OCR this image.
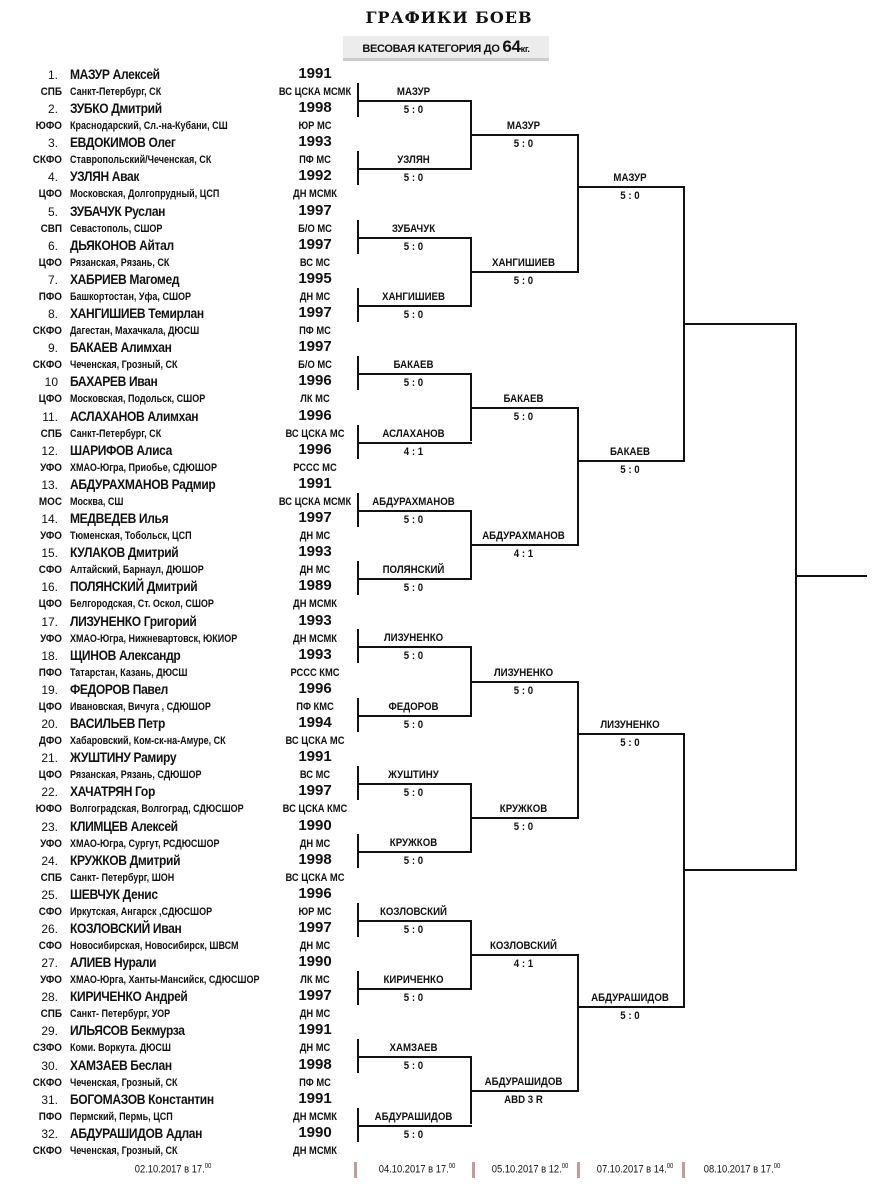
ГРАФИКИ БОЕВ
ВЕСОВАЯ КАТЕГОРИЯ ДО 64кг.
1. МАЗУР Алексей	1991
СПБ Санкт-Петербург, СК	ВС ЦСКА МСМК
2. ЗУБКО Дмитрий	1998
ЮФО Краснодарский, Сл.-на-Кубани, СШ	ЮР МС
3. ЕВДОКИМОВ Олег	1993
СКФО Ставропольский/Чеченская, СК	ПФ МС
4. УЗЛЯН Авак	1992
ЦФО Московская, Долгопрудный, ЦСП	ДН МСМК
5. ЗУБАЧУК Руслан	1997
СВП Севастополь, СШОР	Б/О МС
6. ДЬЯКОНОВ Айтал	1997
ЦФО Рязанская, Рязань, СК	ВС МС
7. ХАБРИЕВ Магомед	1995
ПФО Башкортостан, Уфа, СШОР	ДН МС
8. ХАНГИШИЕВ Темирлан	1997
СКФО Дагестан, Махачкала, ДЮСШ	ПФ МС
9. БАКАЕВ Алимхан	1997
СКФО Чеченская, Грозный, СК	Б/О МС
10 БАХАРЕВ Иван	1996
ЦФО Московская, Подольск, СШОР	ЛК МС
11. АСЛАХАНОВ Алимхан	1996
СПБ Санкт-Петербург, СК	ВС ЦСКА МС
12. ШАРИФОВ Алиса	1996
УФО ХМАО-Югра, Приобье, СДЮШОР	РССС МС
13. АБДУРАХМАНОВ Радмир	1991
МОС Москва, СШ	ВС ЦСКА МСМК
14. МЕДВЕДЕВ Илья	1997
УФО Тюменская, Тобольск, ЦСП	ДН МС
15. КУЛАКОВ Дмитрий	1993
СФО Алтайский, Барнаул, ДЮШОР	ДН МС
16. ПОЛЯНСКИЙ Дмитрий	1989
ЦФО Белгородская, Ст. Оскол, СШОР	ДН МСМК
17. ЛИЗУНЕНКО Григорий	1993
УФО ХМАО-Югра, Нижневартовск, ЮКИОР	ДН МСМК
18. ЩИНОВ Александр	1993
ПФО Татарстан, Казань, ДЮСШ	РССС КМС
19. ФЕДОРОВ Павел	1996
ЦФО Ивановская, Вичуга , СДЮШОР	ПФ КМС
20. ВАСИЛЬЕВ Петр	1994
ДФО Хабаровский, Ком-ск-на-Амуре, СК	ВС ЦСКА МС
21. ЖУШТИНУ Рамиру	1991
ЦФО Рязанская, Рязань, СДЮШОР	ВС МС
22. ХАЧАТРЯН Гор	1997
ЮФО Волгоградская, Волгоград, СДЮСШОР	ВС ЦСКА КМС
23. КЛИМЦЕВ Алексей	1990
УФО ХМАО-Югра, Сургут, РСДЮСШОР	ДН МС
24. КРУЖКОВ Дмитрий	1998
СПБ Санкт- Петербург, ШОН	ВС ЦСКА МС
25. ШЕВЧУК Денис	1996
СФО Иркутская, Ангарск ,СДЮСШОР	ЮР МС
26. КОЗЛОВСКИЙ Иван	1997
СФО Новосибирская, Новосибирск, ШВСМ	ДН МС
27. АЛИЕВ Нурали	1990
УФО ХМАО-Юрга, Ханты-Мансийск, СДЮСШОР	ЛК МС
28. КИРИЧЕНКО Андрей	1997
СПБ Санкт- Петербург, УОР	ДН МС
29. ИЛЬЯСОВ Бекмурза	1991
СЗФО Коми. Воркута. ДЮСШ	ДН МС
30. ХАМЗАЕВ Беслан	1998
СКФО Чеченская, Грозный, СК	ПФ МС
31. БОГОМАЗОВ Константин	1991
ПФО Пермский, Пермь, ЦСП	ДН МСМК
32. АБДУРАШИДОВ Адлан	1990
СКФО Чеченская, Грозный, СК	ДН МСМК
МАЗУР
5 : 0
УЗЛЯН
5 : 0
ЗУБАЧУК
5 : 0
ХАНГИШИЕВ
5 : 0
БАКАЕВ
5 : 0
АСЛАХАНОВ
4 : 1
АБДУРАХМАНОВ
5 : 0
ПОЛЯНСКИЙ
5 : 0
ЛИЗУНЕНКО
5 : 0
ФЕДОРОВ
5 : 0
ЖУШТИНУ
5 : 0
КРУЖКОВ
5 : 0
КОЗЛОВСКИЙ
5 : 0
КИРИЧЕНКО
5 : 0
ХАМЗАЕВ
5 : 0
АБДУРАШИДОВ
5 : 0
МАЗУР
5 : 0
ХАНГИШИЕВ
5 : 0
БАКАЕВ
5 : 0
АБДУРАХМАНОВ
4 : 1
ЛИЗУНЕНКО
5 : 0
КРУЖКОВ
5 : 0
КОЗЛОВСКИЙ
4 : 1
АБДУРАШИДОВ
ABD 3 R
МАЗУР
5 : 0
БАКАЕВ
5 : 0
ЛИЗУНЕНКО
5 : 0
АБДУРАШИДОВ
5 : 0
02.10.2017 в 17.00	04.10.2017 в 17.00	05.10.2017 в 12.00	07.10.2017 в 14.00	08.10.2017 в 17.00
